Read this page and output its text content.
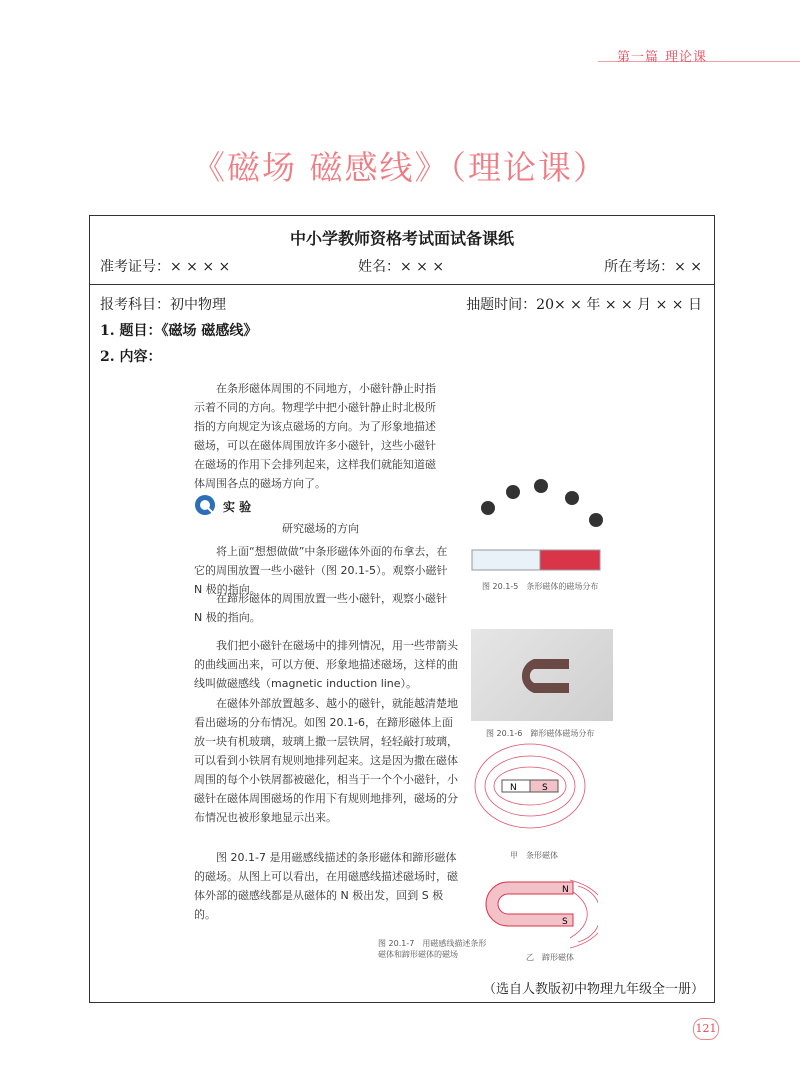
第一篇 理论课
《磁场 磁感线》（理论课）
中小学教师资格考试面试备课纸
准考证号：× × × ×	姓名：× × ×	所在考场：× ×
报考科目：初中物理	抽题时间：20× × 年 × × 月 × × 日
1. 题目：《磁场 磁感线》
2. 内容：

在条形磁体周围的不同地方，小磁针静止时指示着不同的方向。物理学中把小磁针静止时北极所指的方向规定为该点磁场的方向。为了形象地描述磁场，可以在磁体周围放许多小磁针，这些小磁针在磁场的作用下会排列起来，这样我们就能知道磁体周围各点的磁场方向了。

实 验
研究磁场的方向

将上面“想想做做”中条形磁体外面的布拿去，在它的周围放置一些小磁针（图 20.1-5）。观察小磁针 N 极的指向。

在蹄形磁体的周围放置一些小磁针，观察小磁针 N 极的指向。

我们把小磁针在磁场中的排列情况，用一些带箭头的曲线画出来，可以方便、形象地描述磁场，这样的曲线叫做磁感线（magnetic induction line）。

在磁体外部放置越多、越小的磁针，就能越清楚地看出磁场的分布情况。如图 20.1-6，在蹄形磁体上面放一块有机玻璃，玻璃上撒一层铁屑，轻轻敲打玻璃，可以看到小铁屑有规则地排列起来。这是因为撒在磁体周围的每个小铁屑都被磁化，相当于一个个小磁针，小磁针在磁体周围磁场的作用下有规则地排列，磁场的分布情况也被形象地显示出来。

图 20.1-7 是用磁感线描述的条形磁体和蹄形磁体的磁场。从图上可以看出，在用磁感线描述磁场时，磁体外部的磁感线都是从磁体的 N 极出发，回到 S 极的。

图 20.1-5　条形磁体的磁场分布
图 20.1-6　蹄形磁体磁场分布
N	S
甲　条形磁体
N
S
乙　蹄形磁体
图 20.1-7　用磁感线描述条形磁体和蹄形磁体的磁场
（选自人教版初中物理九年级全一册）
121
